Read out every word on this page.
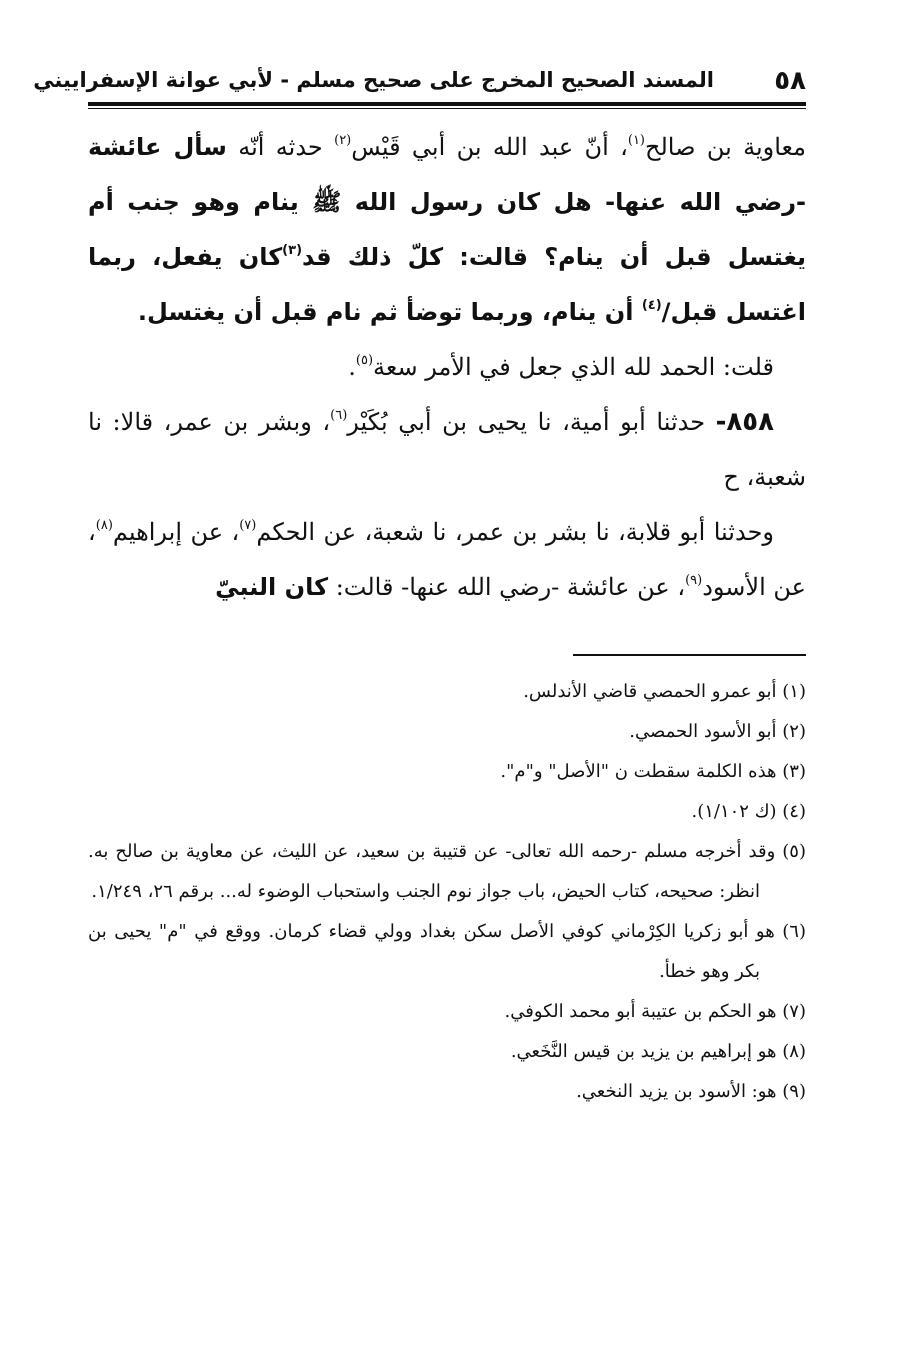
٥٨
المسند الصحيح المخرج على صحيح مسلم - لأبي عوانة الإسفراييني

معاوية بن صالح$^{(١)}$، أنّ عبد الله بن أبي قَيْس$^{(٢)}$ حدثه أنّه سأل عائشة -رضي الله عنها- هل كان رسول الله ﷺ ينام وهو جنب أم يغتسل قبل أن ينام؟ قالت: كلّ ذلك قد$^{(٣)}$كان يفعل، ربما اغتسل قبل/$^{(٤)}$ أن ينام، وربما توضأ ثم نام قبل أن يغتسل.

قلت: الحمد لله الذي جعل في الأمر سعة$^{(٥)}$.

٨٥٨- حدثنا أبو أمية، نا يحيى بن أبي بُكَيْر$^{(٦)}$، وبشر بن عمر، قالا: نا شعبة، ح

وحدثنا أبو قلابة، نا بشر بن عمر، نا شعبة، عن الحكم$^{(٧)}$، عن إبراهيم$^{(٨)}$، عن الأسود$^{(٩)}$، عن عائشة -رضي الله عنها- قالت: كان النبيّ

(١) أبو عمرو الحمصي قاضي الأندلس.

(٢) أبو الأسود الحمصي.

(٣) هذه الكلمة سقطت ن "الأصل" و"م".

(٤) (ك ١/١٠٢).

(٥) وقد أخرجه مسلم -رحمه الله تعالى- عن قتيبة بن سعيد، عن الليث، عن معاوية بن صالح به. انظر: صحيحه، كتاب الحيض، باب جواز نوم الجنب واستحباب الوضوء له... برقم ٢٦، ١/٢٤٩.

(٦) هو أبو زكريا الكِرْماني كوفي الأصل سكن بغداد وولي قضاء كرمان. ووقع في "م" يحيى بن بكر وهو خطأ.

(٧) هو الحكم بن عتيبة أبو محمد الكوفي.

(٨) هو إبراهيم بن يزيد بن قيس النَّخَعي.

(٩) هو: الأسود بن يزيد النخعي.
